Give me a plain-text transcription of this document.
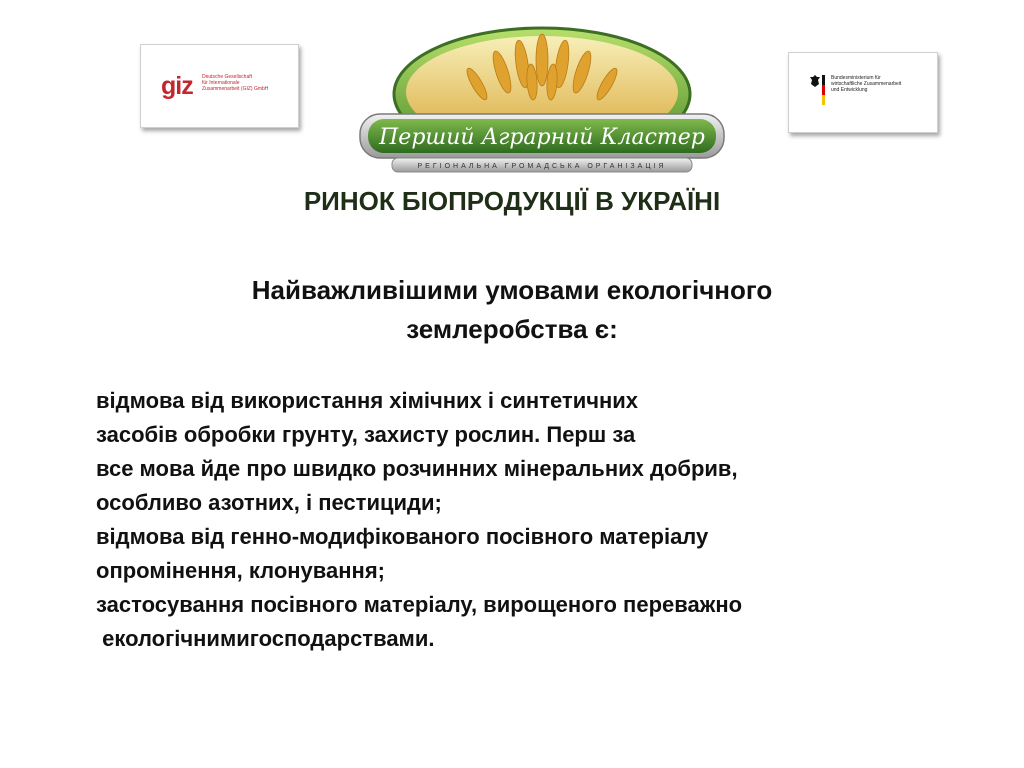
giz Deutsche Gesellschaft
für Internationale
Zusammenarbeit (GIZ) GmbH
Перший Аграрний Кластер
РЕГІОНАЛЬНА ГРОМАДСЬКА ОРГАНІЗАЦІЯ
Bundesministerium für
wirtschaftliche Zusammenarbeit
und Entwicklung
РИНОК БІОПРОДУКЦІЇ В УКРАЇНІ
Найважливішими умовами екологічного
землеробства є:
відмова від використання хімічних і синтетичних
засобів обробки грунту, захисту рослин. Перш за
все мова йде про швидко розчинних мінеральних добрив,
особливо азотних, і пестициди;
відмова від генно-модифікованого посівного матеріалу
опромінення, клонування;
застосування посівного матеріалу, вирощеного переважно
екологічнимигосподарствами.
